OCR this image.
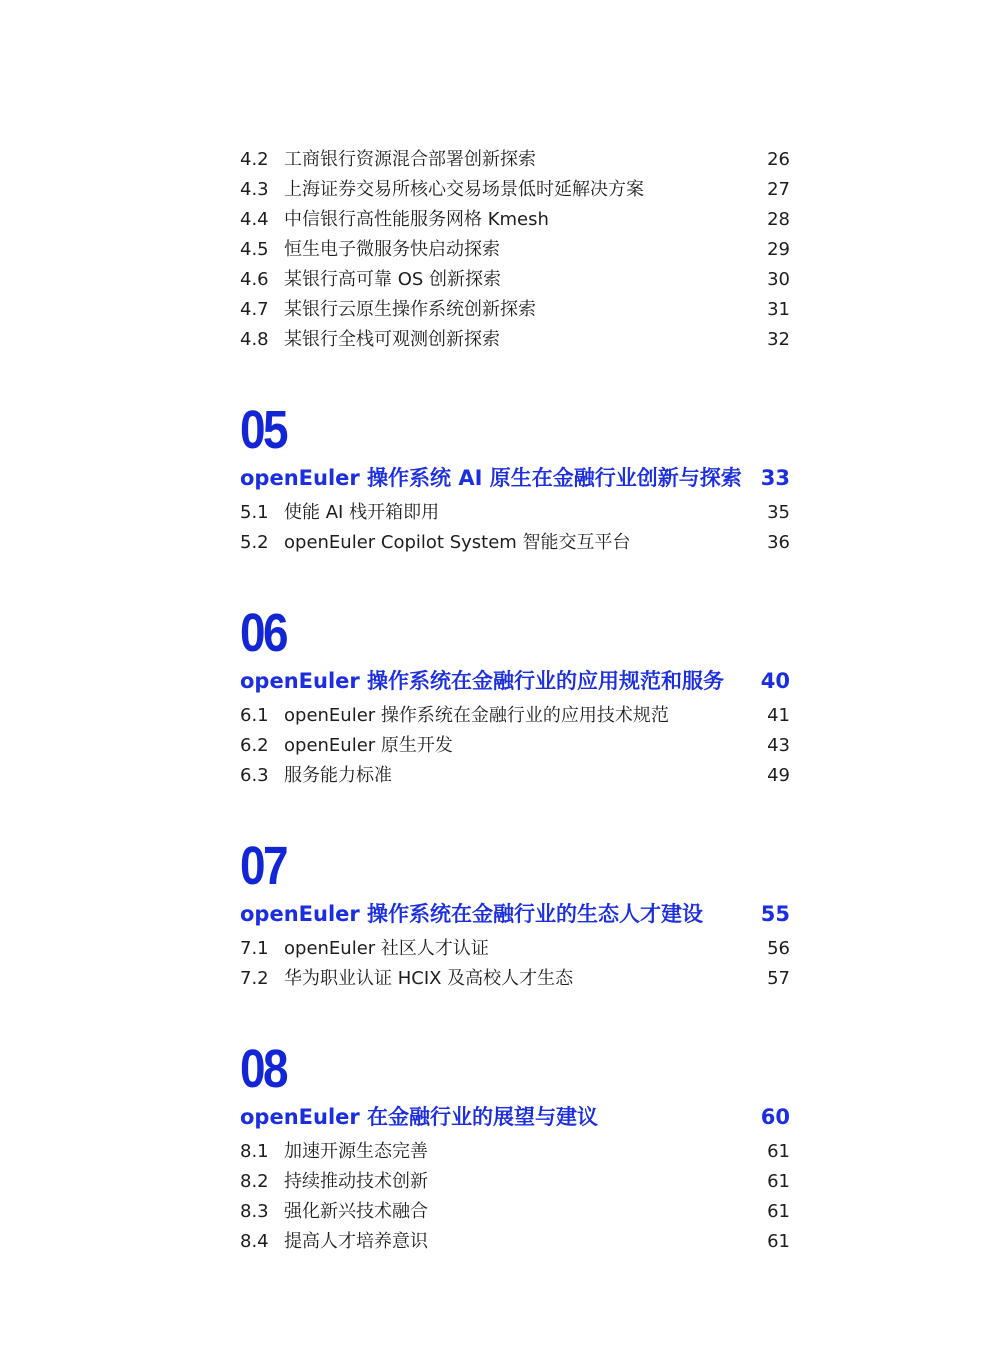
4.2 工商银行资源混合部署创新探索	26
4.3 上海证券交易所核心交易场景低时延解决方案	27
4.4 中信银行高性能服务网格 Kmesh	28
4.5 恒生电子微服务快启动探索	29
4.6 某银行高可靠 OS 创新探索	30
4.7 某银行云原生操作系统创新探索	31
4.8 某银行全栈可观测创新探索	32
05
openEuler 操作系统 AI 原生在金融行业创新与探索 33
5.1 使能 AI 栈开箱即用	35
5.2 openEuler Copilot System 智能交互平台	36
06
openEuler 操作系统在金融行业的应用规范和服务	40
6.1 openEuler 操作系统在金融行业的应用技术规范	41
6.2 openEuler 原生开发	43
6.3 服务能力标准	49
07
openEuler 操作系统在金融行业的生态人才建设	55
7.1 openEuler 社区人才认证	56
7.2 华为职业认证 HCIX 及高校人才生态	57
08
openEuler 在金融行业的展望与建议	60
8.1 加速开源生态完善	61
8.2 持续推动技术创新	61
8.3 强化新兴技术融合	61
8.4 提高人才培养意识	61
